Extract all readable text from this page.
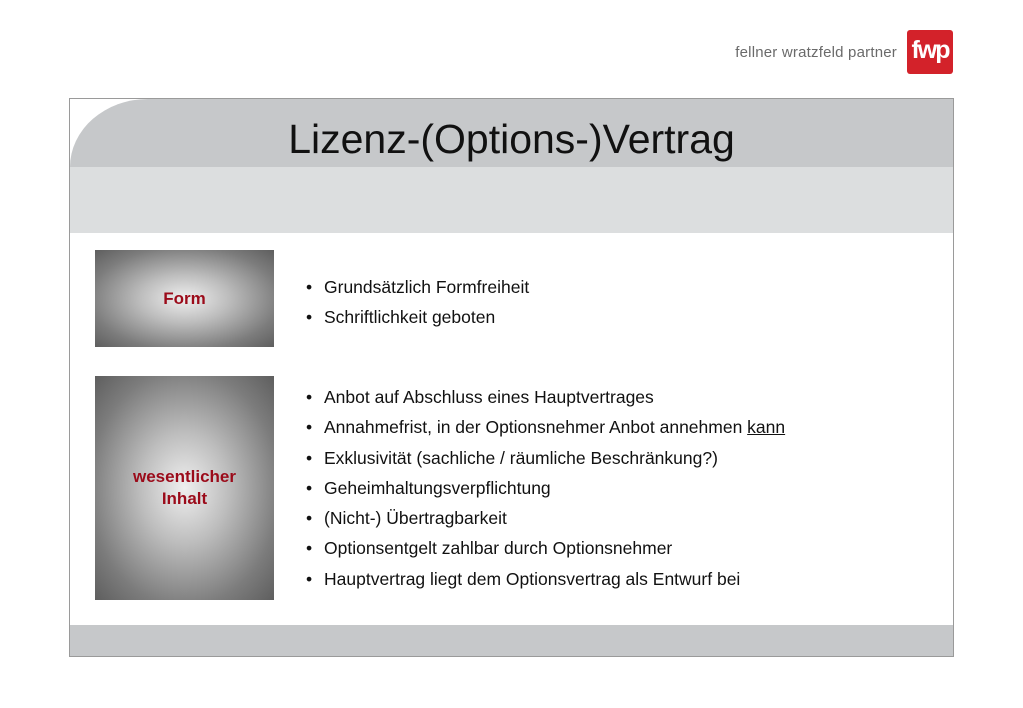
fellner wratzfeld partner fwp
Lizenz-(Options-)Vertrag
Form
• Grundsätzlich Formfreiheit
• Schriftlichkeit geboten
wesentlicher
Inhalt
• Anbot auf Abschluss eines Hauptvertrages
• Annahmefrist, in der Optionsnehmer Anbot annehmen kann
• Exklusivität (sachliche / räumliche Beschränkung?)
• Geheimhaltungsverpflichtung
• (Nicht-) Übertragbarkeit
• Optionsentgelt zahlbar durch Optionsnehmer
• Hauptvertrag liegt dem Optionsvertrag als Entwurf bei
